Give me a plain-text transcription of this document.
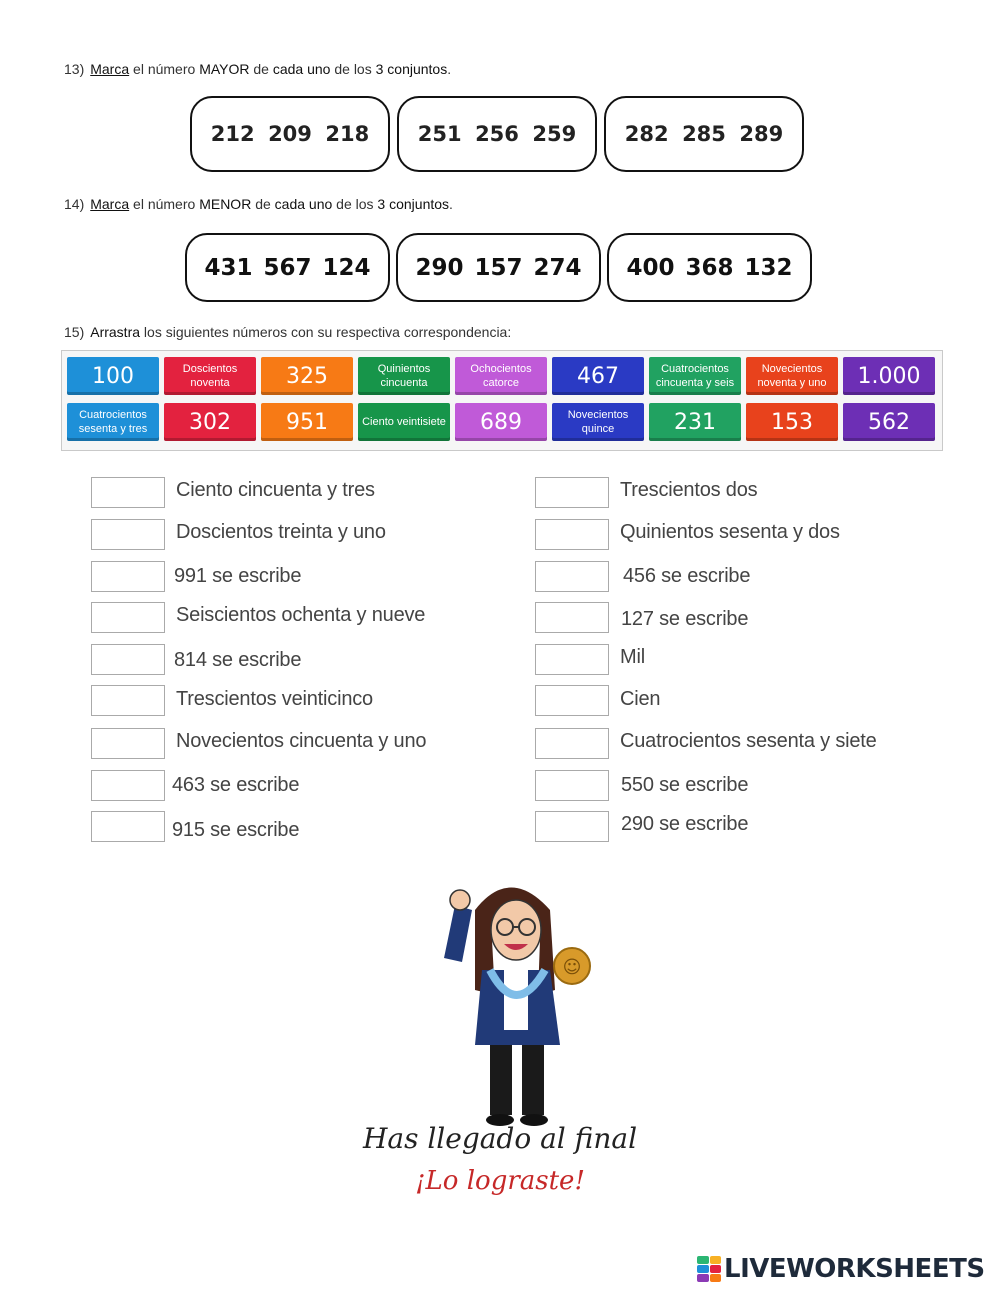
13) Marca el número MAYOR de cada uno de los 3 conjuntos.
212 209 218 251 256 259 282 285 289
14) Marca el número MENOR de cada uno de los 3 conjuntos.
431 567 124 290 157 274 400 368 132
15) Arrastra los siguientes números con su respectiva correspondencia:
100	Doscientos noventa	325	Quinientos cincuenta
Ochocientos catorce	467	Cuatrocientos cincuenta y seis
Novecientos noventa y uno	1.000
Cuatrocientos sesenta y tres	302	951	Ciento veintisiete	689	Novecientos quince	231	153	562
Ciento cincuenta y tres
Doscientos treinta y uno
991 se escribe
Seiscientos ochenta y nueve
814 se escribe
Trescientos veinticinco
Novecientos cincuenta y uno
463 se escribe
915 se escribe
Trescientos dos
Quinientos sesenta y dos
456 se escribe
127 se escribe
Mil
Cien
Cuatrocientos sesenta y siete
550 se escribe
290 se escribe
☺
Has llegado al final
¡Lo lograste!
LIVEWORKSHEETS
